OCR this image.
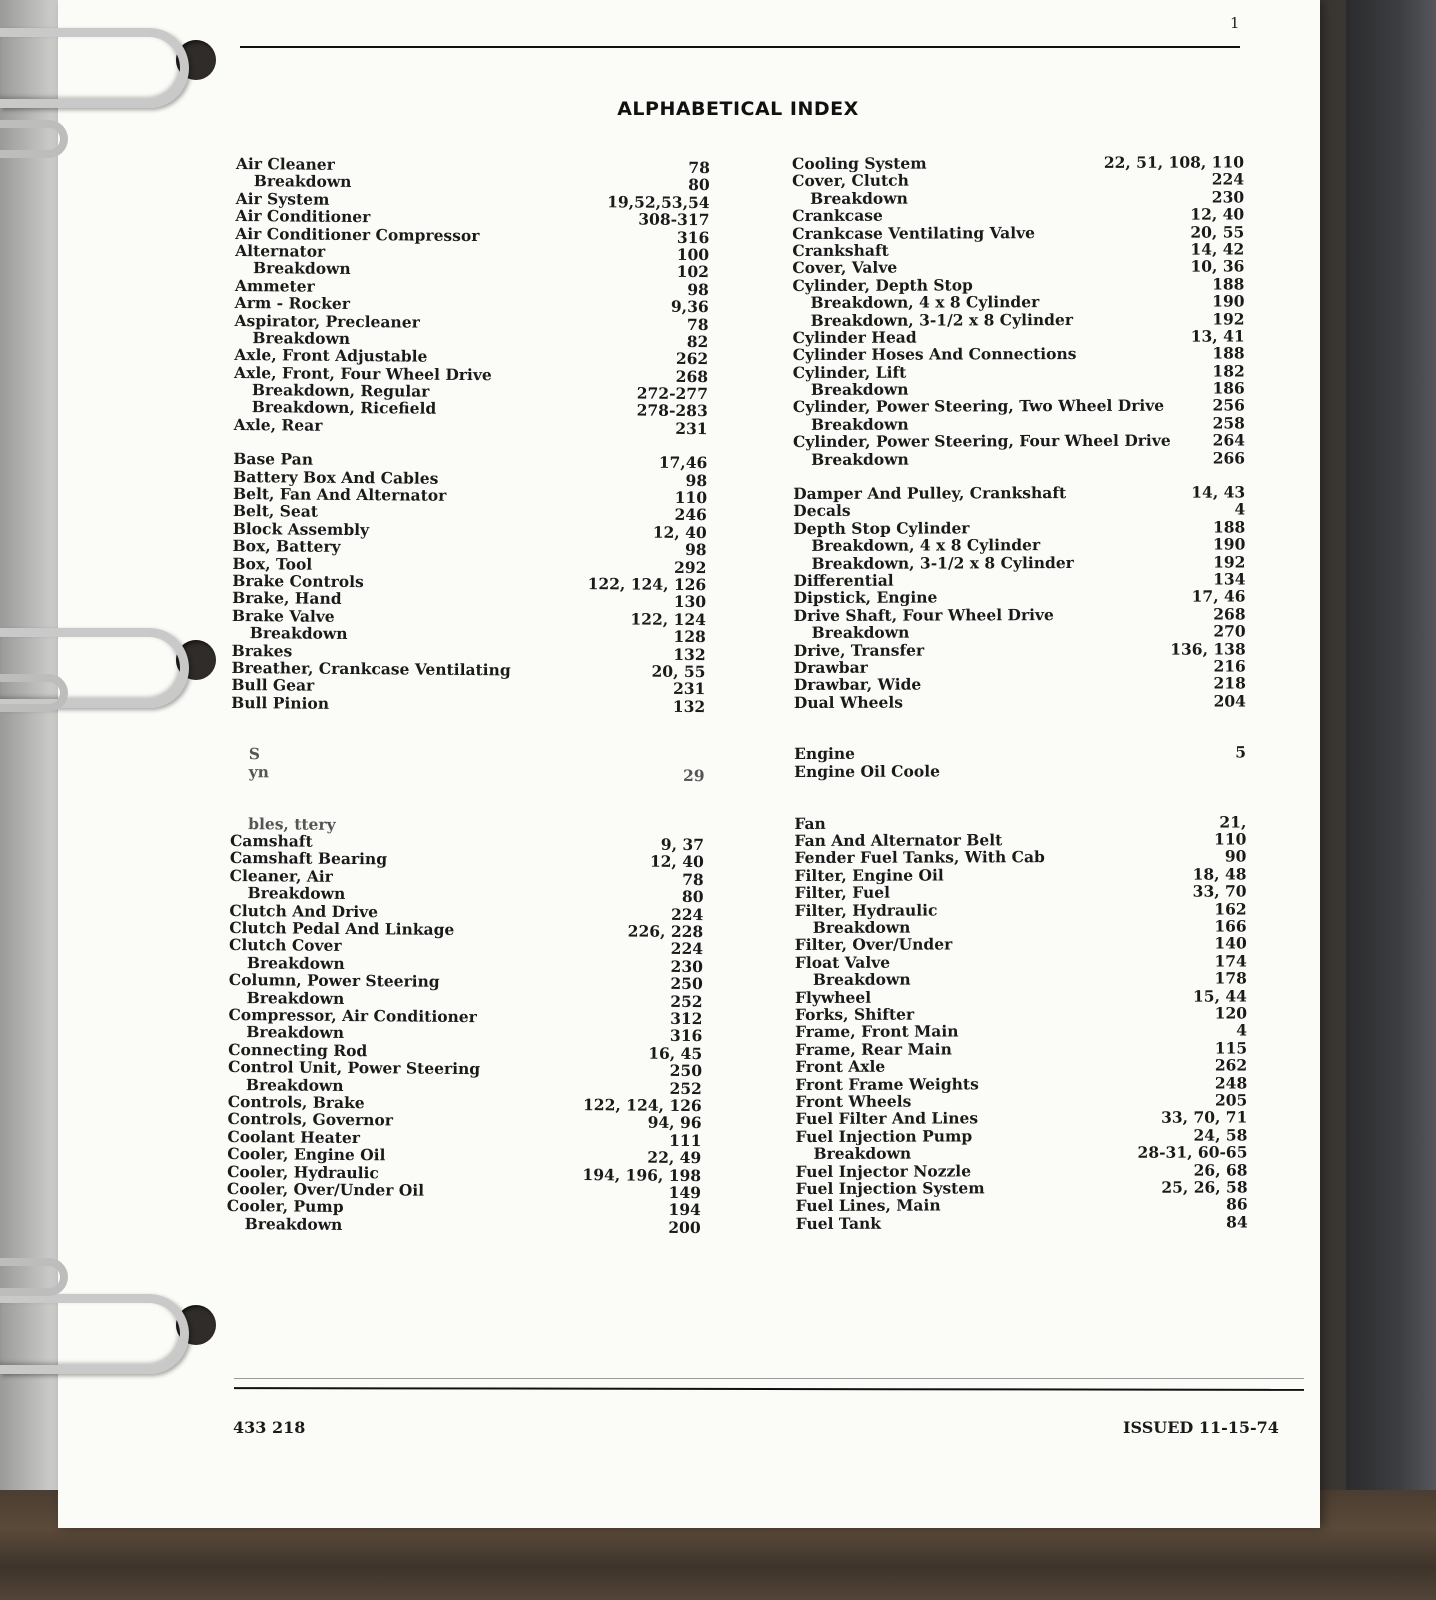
1
ALPHABETICAL INDEX
Air Cleaner	78
Breakdown	80
Air System	19,52,53,54
Air Conditioner	308-317
Air Conditioner Compressor	316
Alternator	100
Breakdown	102
Ammeter	98
Arm - Rocker	9,36
Aspirator, Precleaner	78
Breakdown	82
Axle, Front Adjustable	262
Axle, Front, Four Wheel Drive	268
Breakdown, Regular	272-277
Breakdown, Ricefield	278-283
Axle, Rear	231
Base Pan	17,46
Battery Box And Cables	98
Belt, Fan And Alternator	110
Belt, Seat	246
Block Assembly	12, 40
Box, Battery	98
Box, Tool	292
Brake Controls	122, 124, 126
Brake, Hand	130
Brake Valve	122, 124
Breakdown	128
Brakes	132
Breather, Crankcase Ventilating	20, 55
Bull Gear	231
Bull Pinion	132
S
yn	29
bles, ttery
Camshaft	9, 37
Camshaft Bearing	12, 40
Cleaner, Air	78
Breakdown	80
Clutch And Drive	224
Clutch Pedal And Linkage	226, 228
Clutch Cover	224
Breakdown	230
Column, Power Steering	250
Breakdown	252
Compressor, Air Conditioner	312
Breakdown	316
Connecting Rod	16, 45
Control Unit, Power Steering	250
Breakdown	252
Controls, Brake	122, 124, 126
Controls, Governor	94, 96
Coolant Heater	111
Cooler, Engine Oil	22, 49
Cooler, Hydraulic	194, 196, 198
Cooler, Over/Under Oil	149
Cooler, Pump	194
Breakdown	200
Cooling System	22, 51, 108, 110
Cover, Clutch	224
Breakdown	230
Crankcase	12, 40
Crankcase Ventilating Valve	20, 55
Crankshaft	14, 42
Cover, Valve	10, 36
Cylinder, Depth Stop	188
Breakdown, 4 x 8 Cylinder	190
Breakdown, 3-1/2 x 8 Cylinder	192
Cylinder Head	13, 41
Cylinder Hoses And Connections	188
Cylinder, Lift	182
Breakdown	186
Cylinder, Power Steering, Two Wheel Drive	256
Breakdown	258
Cylinder, Power Steering, Four Wheel Drive	264
Breakdown	266
Damper And Pulley, Crankshaft	14, 43
Decals	4
Depth Stop Cylinder	188
Breakdown, 4 x 8 Cylinder	190
Breakdown, 3-1/2 x 8 Cylinder	192
Differential	134
Dipstick, Engine	17, 46
Drive Shaft, Four Wheel Drive	268
Breakdown	270
Drive, Transfer	136, 138
Drawbar	216
Drawbar, Wide	218
Dual Wheels	204
Engine	5
Engine Oil Coole
Fan	21,
Fan And Alternator Belt	110
Fender Fuel Tanks, With Cab	90
Filter, Engine Oil	18, 48
Filter, Fuel	33, 70
Filter, Hydraulic	162
Breakdown	166
Filter, Over/Under	140
Float Valve	174
Breakdown	178
Flywheel	15, 44
Forks, Shifter	120
Frame, Front Main	4
Frame, Rear Main	115
Front Axle	262
Front Frame Weights	248
Front Wheels	205
Fuel Filter And Lines	33, 70, 71
Fuel Injection Pump	24, 58
Breakdown	28-31, 60-65
Fuel Injector Nozzle	26, 68
Fuel Injection System	25, 26, 58
Fuel Lines, Main	86
Fuel Tank	84
433 218	ISSUED 11-15-74
